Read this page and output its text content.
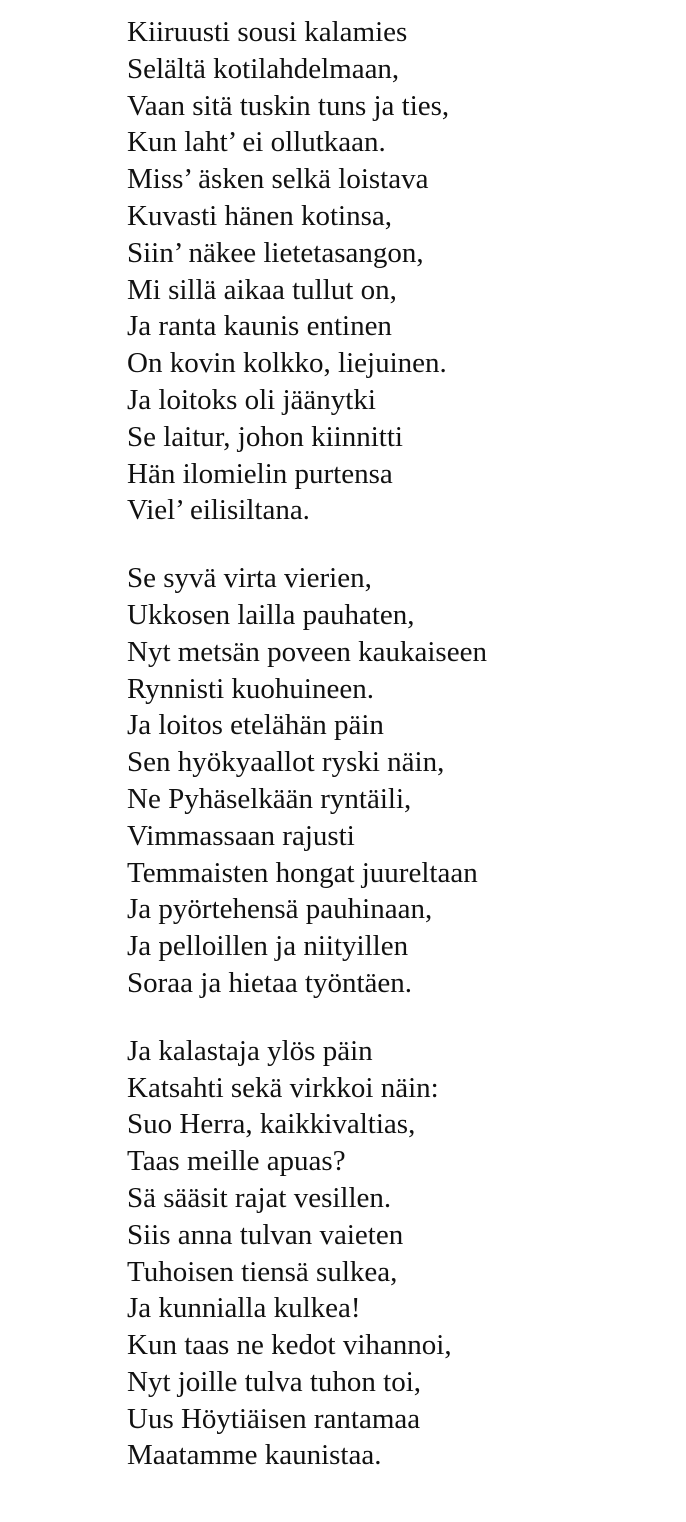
Kiiruusti sousi kalamies
Selältä kotilahdelmaan,
Vaan sitä tuskin tuns ja ties,
Kun laht’ ei ollutkaan.
Miss’ äsken selkä loistava
Kuvasti hänen kotinsa,
Siin’ näkee lietetasangon,
Mi sillä aikaa tullut on,
Ja ranta kaunis entinen
On kovin kolkko, liejuinen.
Ja loitoks oli jäänytki
Se laitur, johon kiinnitti
Hän ilomielin purtensa
Viel’ eilisiltana.
Se syvä virta vierien,
Ukkosen lailla pauhaten,
Nyt metsän poveen kaukaiseen
Rynnisti kuohuineen.
Ja loitos etelähän päin
Sen hyökyaallot ryski näin,
Ne Pyhäselkään ryntäili,
Vimmassaan rajusti
Temmaisten hongat juureltaan
Ja pyörtehensä pauhinaan,
Ja pelloillen ja niityillen
Soraa ja hietaa työntäen.
Ja kalastaja ylös päin
Katsahti sekä virkkoi näin:
Suo Herra, kaikkivaltias,
Taas meille apuas?
Sä sääsit rajat vesillen.
Siis anna tulvan vaieten
Tuhoisen tiensä sulkea,
Ja kunnialla kulkea!
Kun taas ne kedot vihannoi,
Nyt joille tulva tuhon toi,
Uus Höytiäisen rantamaa
Maatamme kaunistaa.
